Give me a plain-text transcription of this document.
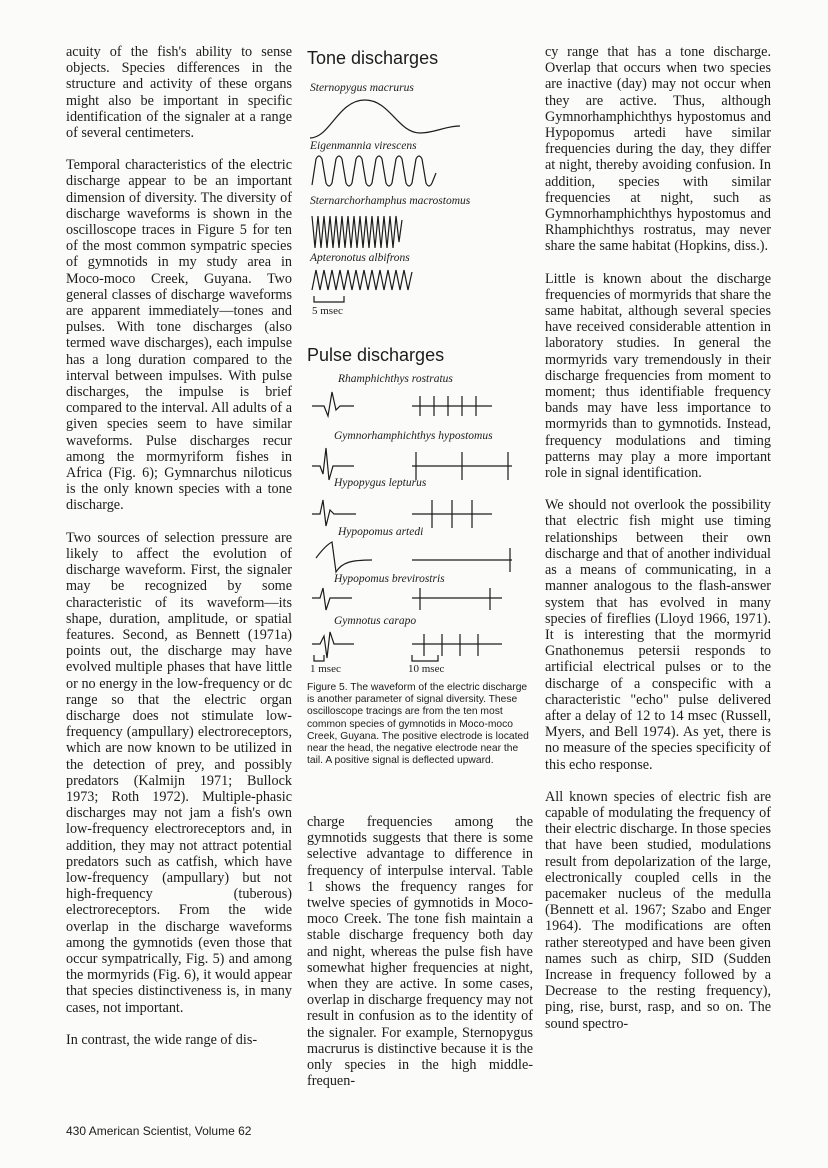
acuity of the fish's ability to sense objects. Species differences in the structure and activity of these organs might also be important in specific identification of the signaler at a range of several centimeters.

Temporal characteristics of the electric discharge appear to be an important dimension of diversity. The diversity of discharge waveforms is shown in the oscilloscope traces in Figure 5 for ten of the most common sympatric species of gymnotids in my study area in Moco-moco Creek, Guyana. Two general classes of discharge waveforms are apparent immediately—tones and pulses. With tone discharges (also termed wave discharges), each impulse has a long duration compared to the interval between impulses. With pulse discharges, the impulse is brief compared to the interval. All adults of a given species seem to have similar waveforms. Pulse discharges recur among the mormyriform fishes in Africa (Fig. 6); Gymnarchus niloticus is the only known species with a tone discharge.

Two sources of selection pressure are likely to affect the evolution of discharge waveform. First, the signaler may be recognized by some characteristic of its waveform—its shape, duration, amplitude, or spatial features. Second, as Bennett (1971a) points out, the discharge may have evolved multiple phases that have little or no energy in the low-frequency or dc range so that the electric organ discharge does not stimulate low-frequency (ampullary) electroreceptors, which are now known to be utilized in the detection of prey, and possibly predators (Kalmijn 1971; Bullock 1973; Roth 1972). Multiple-phasic discharges may not jam a fish's own low-frequency electroreceptors and, in addition, they may not attract potential predators such as catfish, which have low-frequency (ampullary) but not high-frequency (tuberous) electroreceptors. From the wide overlap in the discharge waveforms among the gymnotids (even those that occur sympatrically, Fig. 5) and among the mormyrids (Fig. 6), it would appear that species distinctiveness is, in many cases, not important.

In contrast, the wide range of dis-

Tone discharges
Sternopygus macrurus
Eigenmannia virescens
Sternarchorhamphus macrostomus
Apteronotus albifrons
5 msec
Pulse discharges
Rhamphichthys rostratus
Gymnorhamphichthys hypostomus
Hypopygus lepturus
Hypopomus artedi
Hypopomus brevirostris
Gymnotus carapo
1 msec	10 msec
Figure 5. The waveform of the electric discharge is another parameter of signal diversity. These oscilloscope tracings are from the ten most common species of gymnotids in Moco-moco Creek, Guyana. The positive electrode is located near the head, the negative electrode near the tail. A positive signal is deflected upward.

charge frequencies among the gymnotids suggests that there is some selective advantage to difference in frequency of interpulse interval. Table 1 shows the frequency ranges for twelve species of gymnotids in Moco-moco Creek. The tone fish maintain a stable discharge frequency both day and night, whereas the pulse fish have somewhat higher frequencies at night, when they are active. In some cases, overlap in discharge frequency may not result in confusion as to the identity of the signaler. For example, Sternopygus macrurus is distinctive because it is the only species in the high middle-frequen-

cy range that has a tone discharge. Overlap that occurs when two species are inactive (day) may not occur when they are active. Thus, although Gymnorhamphichthys hypostomus and Hypopomus artedi have similar frequencies during the day, they differ at night, thereby avoiding confusion. In addition, species with similar frequencies at night, such as Gymnorhamphichthys hypostomus and Rhamphichthys rostratus, may never share the same habitat (Hopkins, diss.).

Little is known about the discharge frequencies of mormyrids that share the same habitat, although several species have received considerable attention in laboratory studies. In general the mormyrids vary tremendously in their discharge frequencies from moment to moment; thus identifiable frequency bands may have less importance to mormyrids than to gymnotids. Instead, frequency modulations and timing patterns may play a more important role in signal identification.

We should not overlook the possibility that electric fish might use timing relationships between their own discharge and that of another individual as a means of communicating, in a manner analogous to the flash-answer system that has evolved in many species of fireflies (Lloyd 1966, 1971). It is interesting that the mormyrid Gnathonemus petersii responds to artificial electrical pulses or to the discharge of a conspecific with a characteristic "echo" pulse delivered after a delay of 12 to 14 msec (Russell, Myers, and Bell 1974). As yet, there is no measure of the species specificity of this echo response.

All known species of electric fish are capable of modulating the frequency of their electric discharge. In those species that have been studied, modulations result from depolarization of the large, electronically coupled cells in the pacemaker nucleus of the medulla (Bennett et al. 1967; Szabo and Enger 1964). The modifications are often rather stereotyped and have been given names such as chirp, SID (Sudden Increase in frequency followed by a Decrease to the resting frequency), ping, rise, burst, rasp, and so on. The sound spectro-

430 American Scientist, Volume 62
